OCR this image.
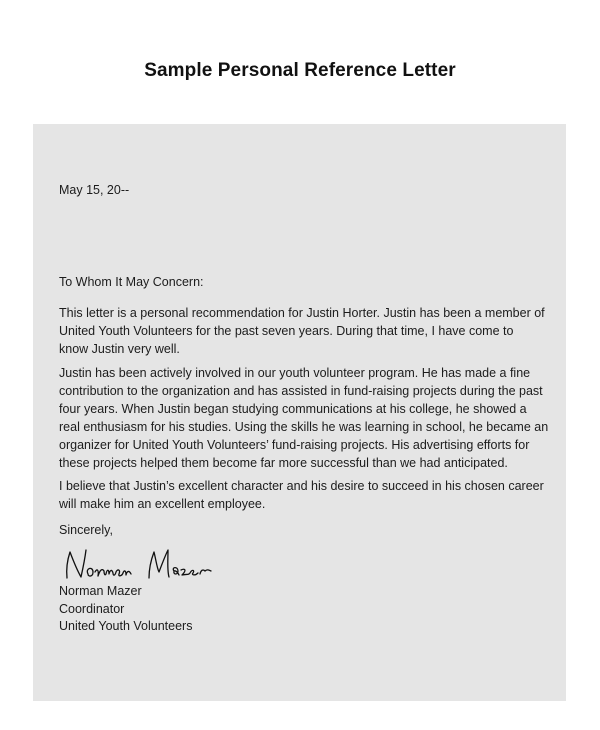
Sample Personal Reference Letter

May 15, 20--

To Whom It May Concern:

This letter is a personal recommendation for Justin Horter. Justin has been a member of United Youth Volunteers for the past seven years. During that time, I have come to know Justin very well.

Justin has been actively involved in our youth volunteer program. He has made a fine contribution to the organization and has assisted in fund-raising projects during the past four years. When Justin began studying communications at his college, he showed a real enthusiasm for his studies. Using the skills he was learning in school, he became an organizer for United Youth Volunteers’ fund-raising projects. His advertising efforts for these projects helped them become far more successful than we had anticipated.

I believe that Justin’s excellent character and his desire to succeed in his chosen career will make him an excellent employee.

Sincerely,

Norman Mazer
Coordinator
United Youth Volunteers
